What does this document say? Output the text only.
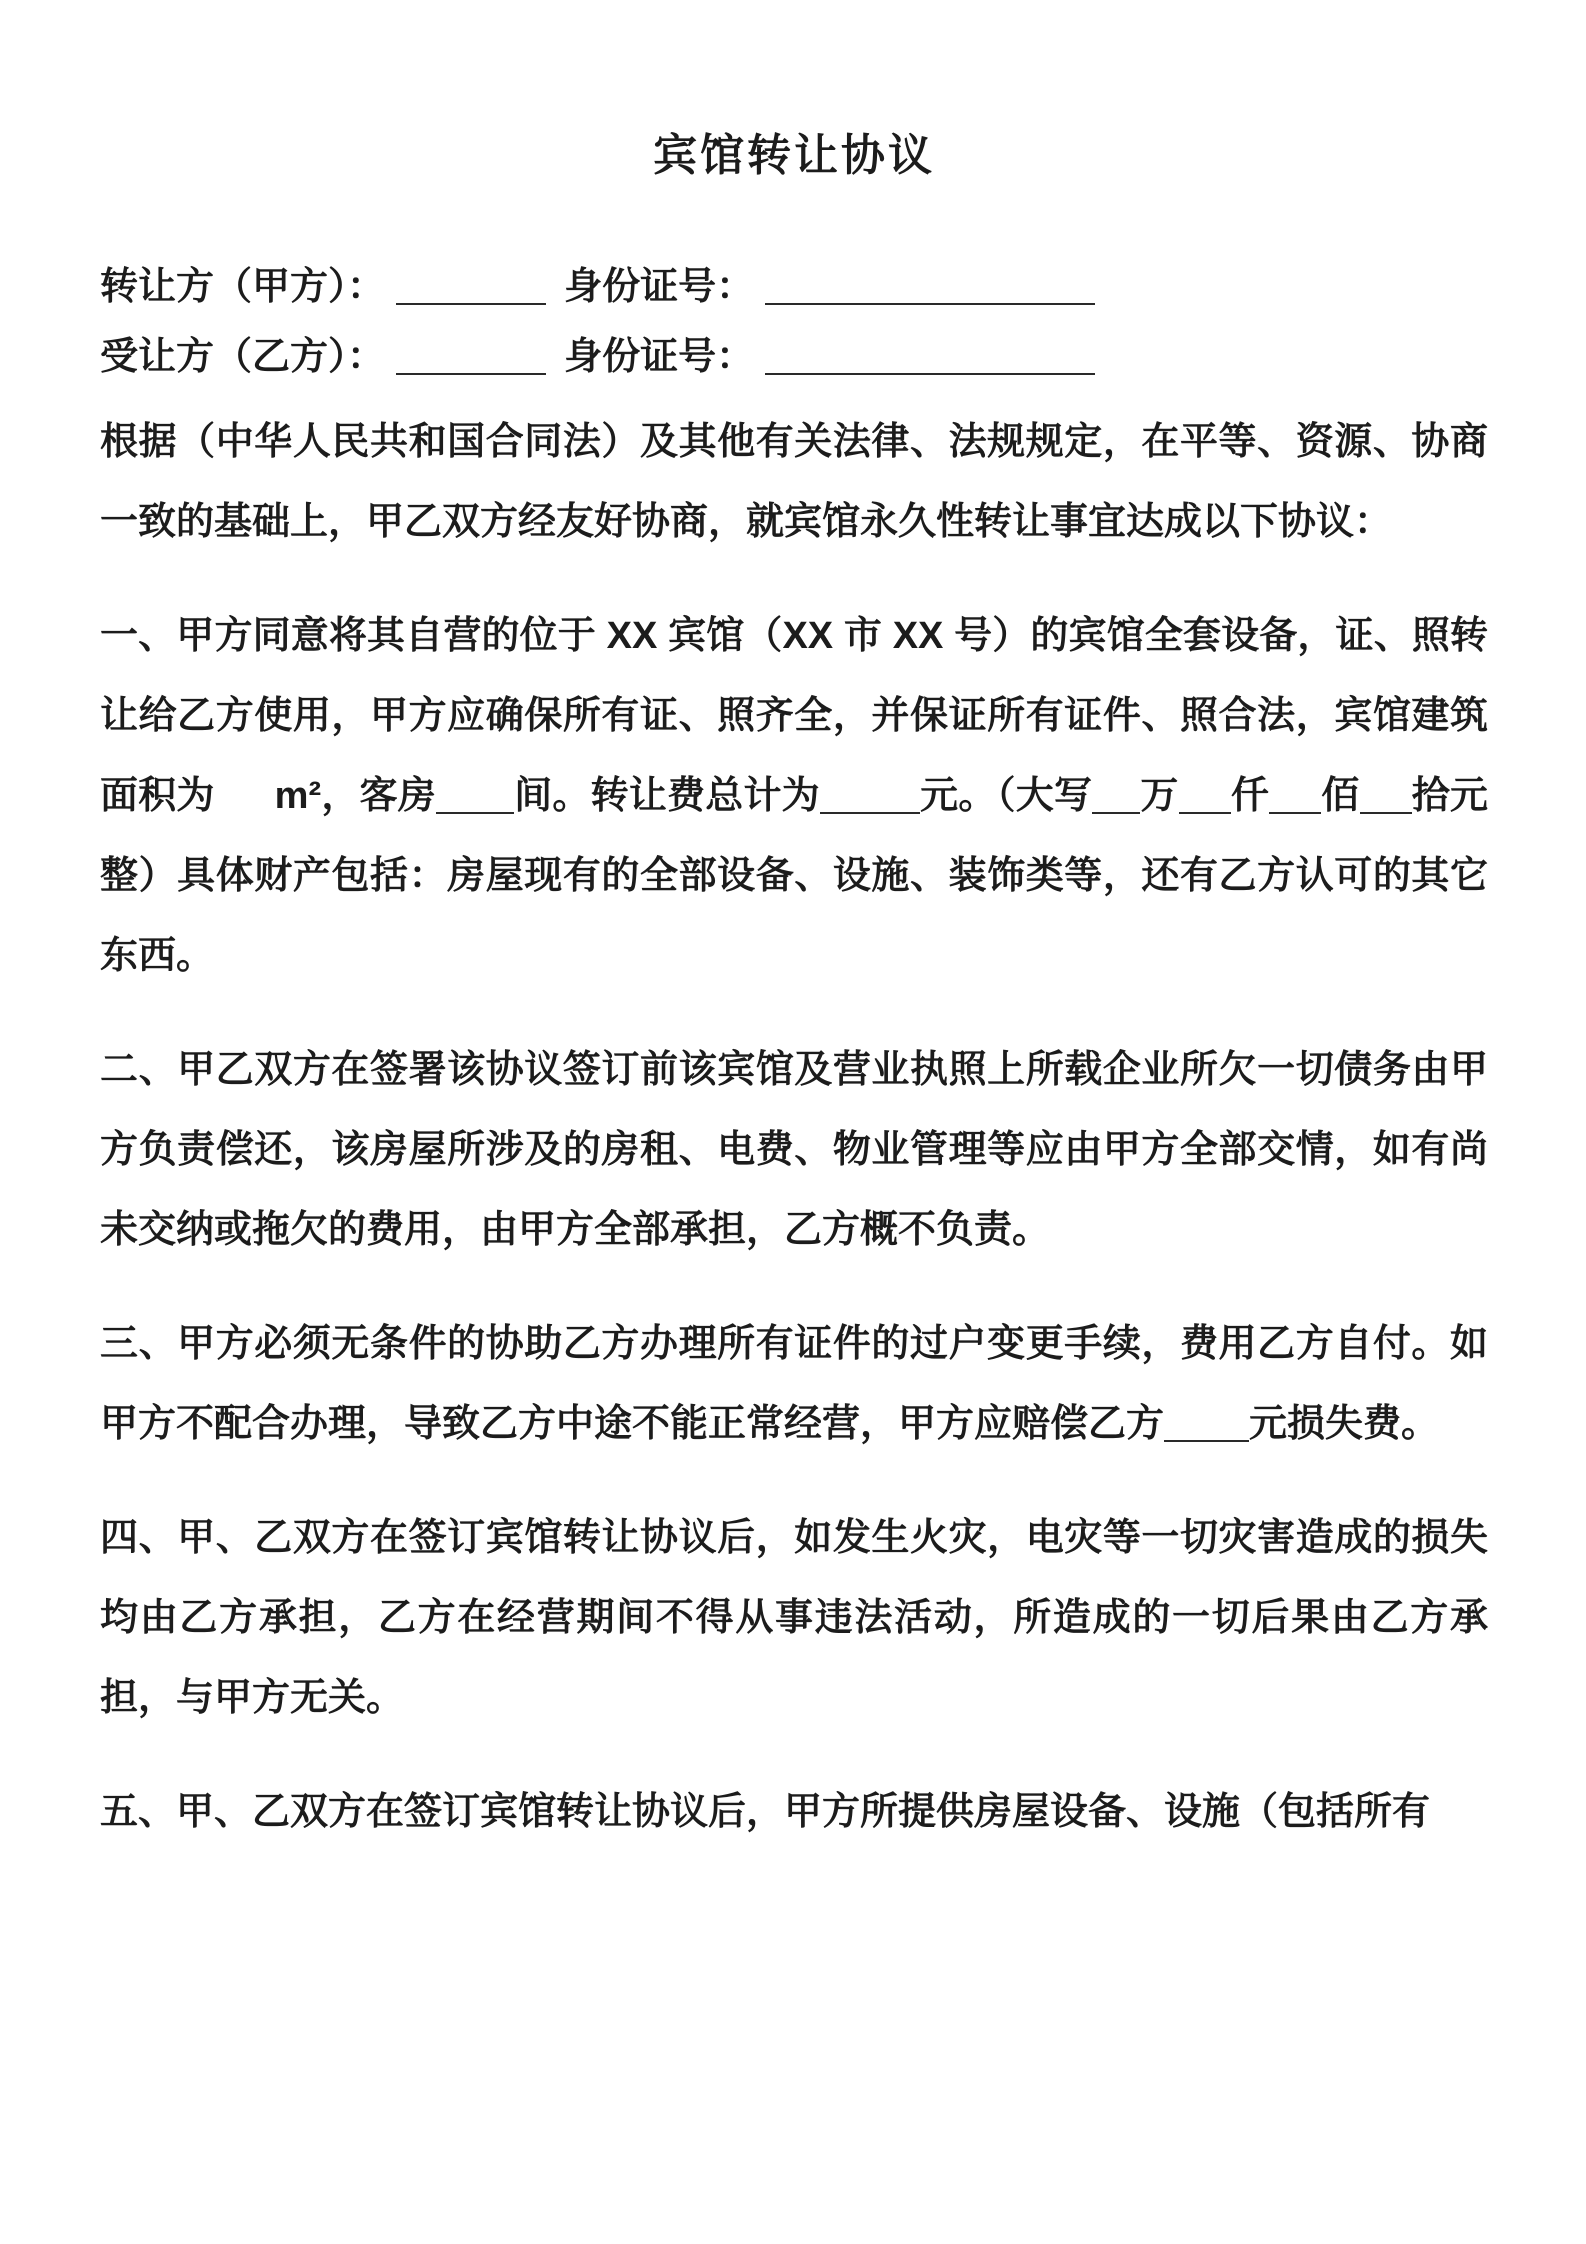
宾馆转让协议
转让方（甲方）：	身份证号：
受让方（乙方）：	身份证号：

根据（中华人民共和国合同法）及其他有关法律、法规规定，在平等、资源、协商一致的基础上，甲乙双方经友好协商，就宾馆永久性转让事宜达成以下协议：

一、甲方同意将其自营的位于 XX 宾馆（XX 市 XX 号）的宾馆全套设备，证、照转让给乙方使用，甲方应确保所有证、照齐全，并保证所有证件、照合法，宾馆建筑面积为 m²，客房 间。转让费总计为	元。（大写 万 仟 佰 拾元整）具体财产包括：房屋现有的全部设备、设施、装饰类等，还有乙方认可的其它东西。

二、甲乙双方在签署该协议签订前该宾馆及营业执照上所载企业所欠一切债务由甲方负责偿还，该房屋所涉及的房租、电费、物业管理等应由甲方全部交情，如有尚未交纳或拖欠的费用，由甲方全部承担，乙方概不负责。

三、甲方必须无条件的协助乙方办理所有证件的过户变更手续，费用乙方自付。如甲方不配合办理，导致乙方中途不能正常经营，甲方应赔偿乙方 元损失费。

四、甲、乙双方在签订宾馆转让协议后，如发生火灾，电灾等一切灾害造成的损失均由乙方承担，乙方在经营期间不得从事违法活动，所造成的一切后果由乙方承担，与甲方无关。

五、甲、乙双方在签订宾馆转让协议后，甲方所提供房屋设备、设施（包括所有
